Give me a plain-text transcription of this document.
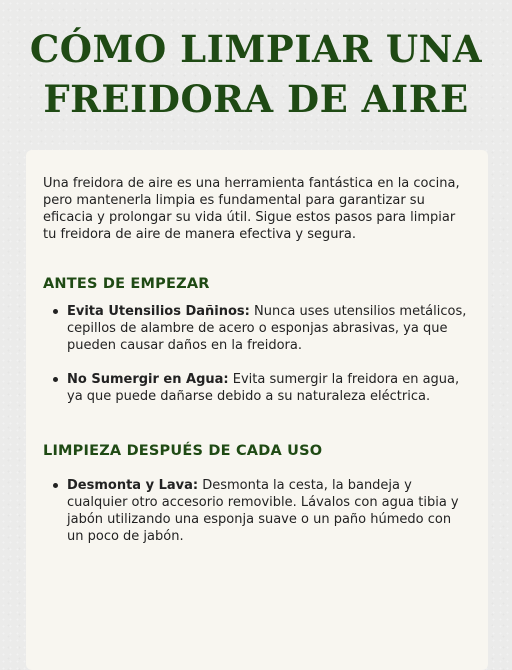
CÓMO LIMPIAR UNA FREIDORA DE AIRE

Una freidora de aire es una herramienta fantástica en la cocina, pero mantenerla limpia es fundamental para garantizar su eficacia y prolongar su vida útil. Sigue estos pasos para limpiar tu freidora de aire de manera efectiva y segura.

ANTES DE EMPEZAR
Evita Utensilios Dañinos: Nunca uses utensilios metálicos, cepillos de alambre de acero o esponjas abrasivas, ya que pueden causar daños en la freidora.
No Sumergir en Agua: Evita sumergir la freidora en agua, ya que puede dañarse debido a su naturaleza eléctrica.
LIMPIEZA DESPUÉS DE CADA USO
Desmonta y Lava: Desmonta la cesta, la bandeja y cualquier otro accesorio removible. Lávalos con agua tibia y jabón utilizando una esponja suave o un paño húmedo con un poco de jabón.
